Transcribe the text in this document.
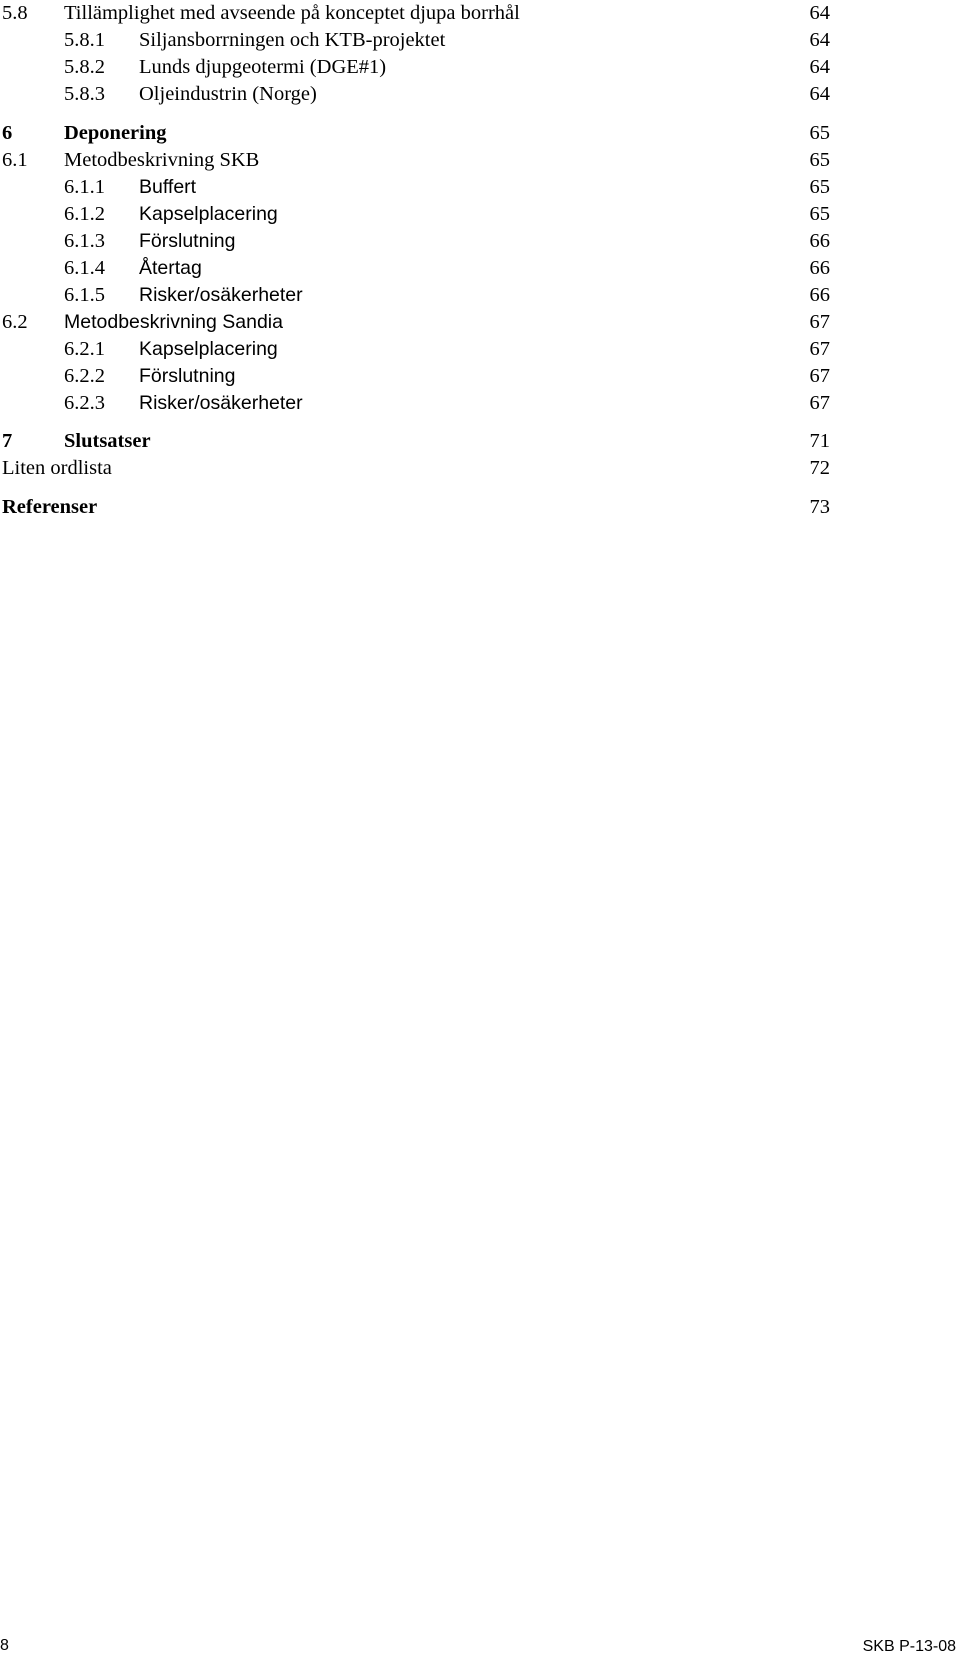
5.8 Tillämplighet med avseende på konceptet djupa borrhål	64
5.8.1 Siljansborrningen och KTB-projektet	64
5.8.2 Lunds djupgeotermi (DGE#1)	64
5.8.3 Oljeindustrin (Norge)	64
6	Deponering	65
6.1 Metodbeskrivning SKB	65
6.1.1 Buffert	65
6.1.2 Kapselplacering	65
6.1.3 Förslutning	66
6.1.4 Återtag	66
6.1.5 Risker/osäkerheter	66
6.2 Metodbeskrivning Sandia	67
6.2.1 Kapselplacering	67
6.2.2 Förslutning	67
6.2.3 Risker/osäkerheter	67
7	Slutsatser	71
Liten ordlista	72
Referenser	73
8	SKB P-13-08
